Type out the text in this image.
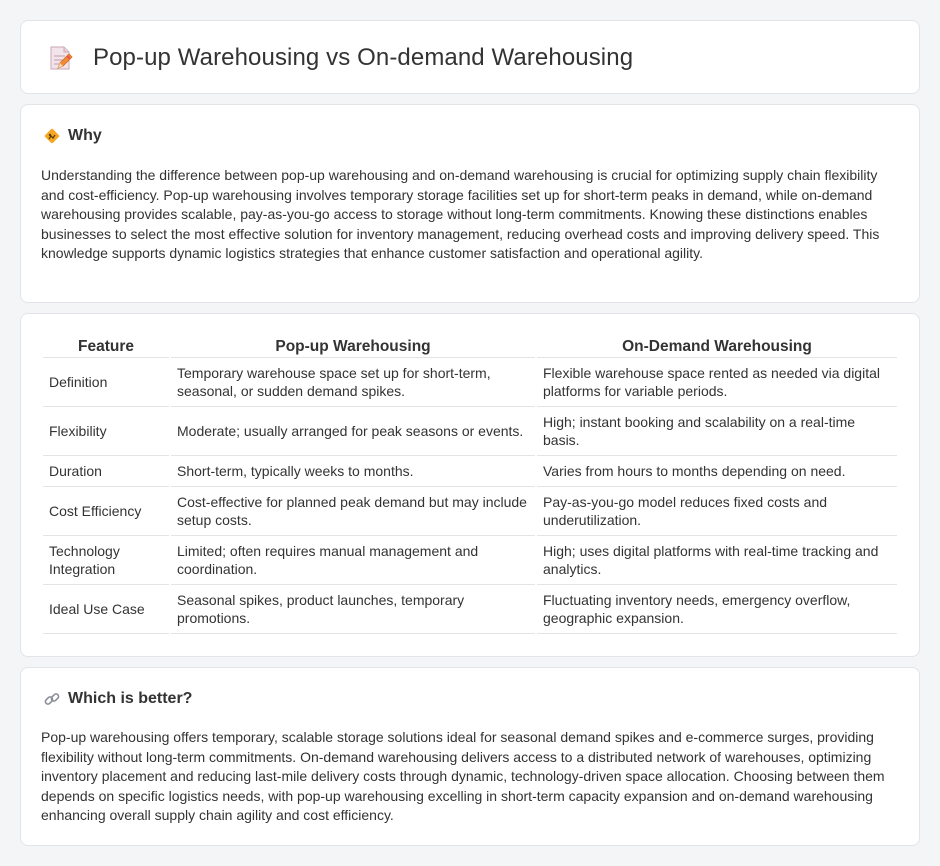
Pop-up Warehousing vs On-demand Warehousing
Why

Understanding the difference between pop-up warehousing and on-demand warehousing is crucial for optimizing supply chain flexibility and cost-efficiency. Pop-up warehousing involves temporary storage facilities set up for short-term peaks in demand, while on-demand warehousing provides scalable, pay-as-you-go access to storage without long-term commitments. Knowing these distinctions enables businesses to select the most effective solution for inventory management, reducing overhead costs and improving delivery speed. This knowledge supports dynamic logistics strategies that enhance customer satisfaction and operational agility.

Feature	Pop-up Warehousing	On-Demand Warehousing
Definition	Temporary warehouse space set up for short-term, seasonal, or sudden demand spikes.	Flexible warehouse space rented as needed via digital platforms for variable periods.
Flexibility	Moderate; usually arranged for peak seasons or events.	High; instant booking and scalability on a real-time basis.
Duration	Short-term, typically weeks to months.	Varies from hours to months depending on need.
Cost Efficiency	Cost-effective for planned peak demand but may include setup costs.	Pay-as-you-go model reduces fixed costs and underutilization.
Technology Integration	Limited; often requires manual management and coordination.	High; uses digital platforms with real-time tracking and analytics.
Ideal Use Case	Seasonal spikes, product launches, temporary promotions.	Fluctuating inventory needs, emergency overflow, geographic expansion.
Which is better?

Pop-up warehousing offers temporary, scalable storage solutions ideal for seasonal demand spikes and e-commerce surges, providing flexibility without long-term commitments. On-demand warehousing delivers access to a distributed network of warehouses, optimizing inventory placement and reducing last-mile delivery costs through dynamic, technology-driven space allocation. Choosing between them depends on specific logistics needs, with pop-up warehousing excelling in short-term capacity expansion and on-demand warehousing enhancing overall supply chain agility and cost efficiency.
